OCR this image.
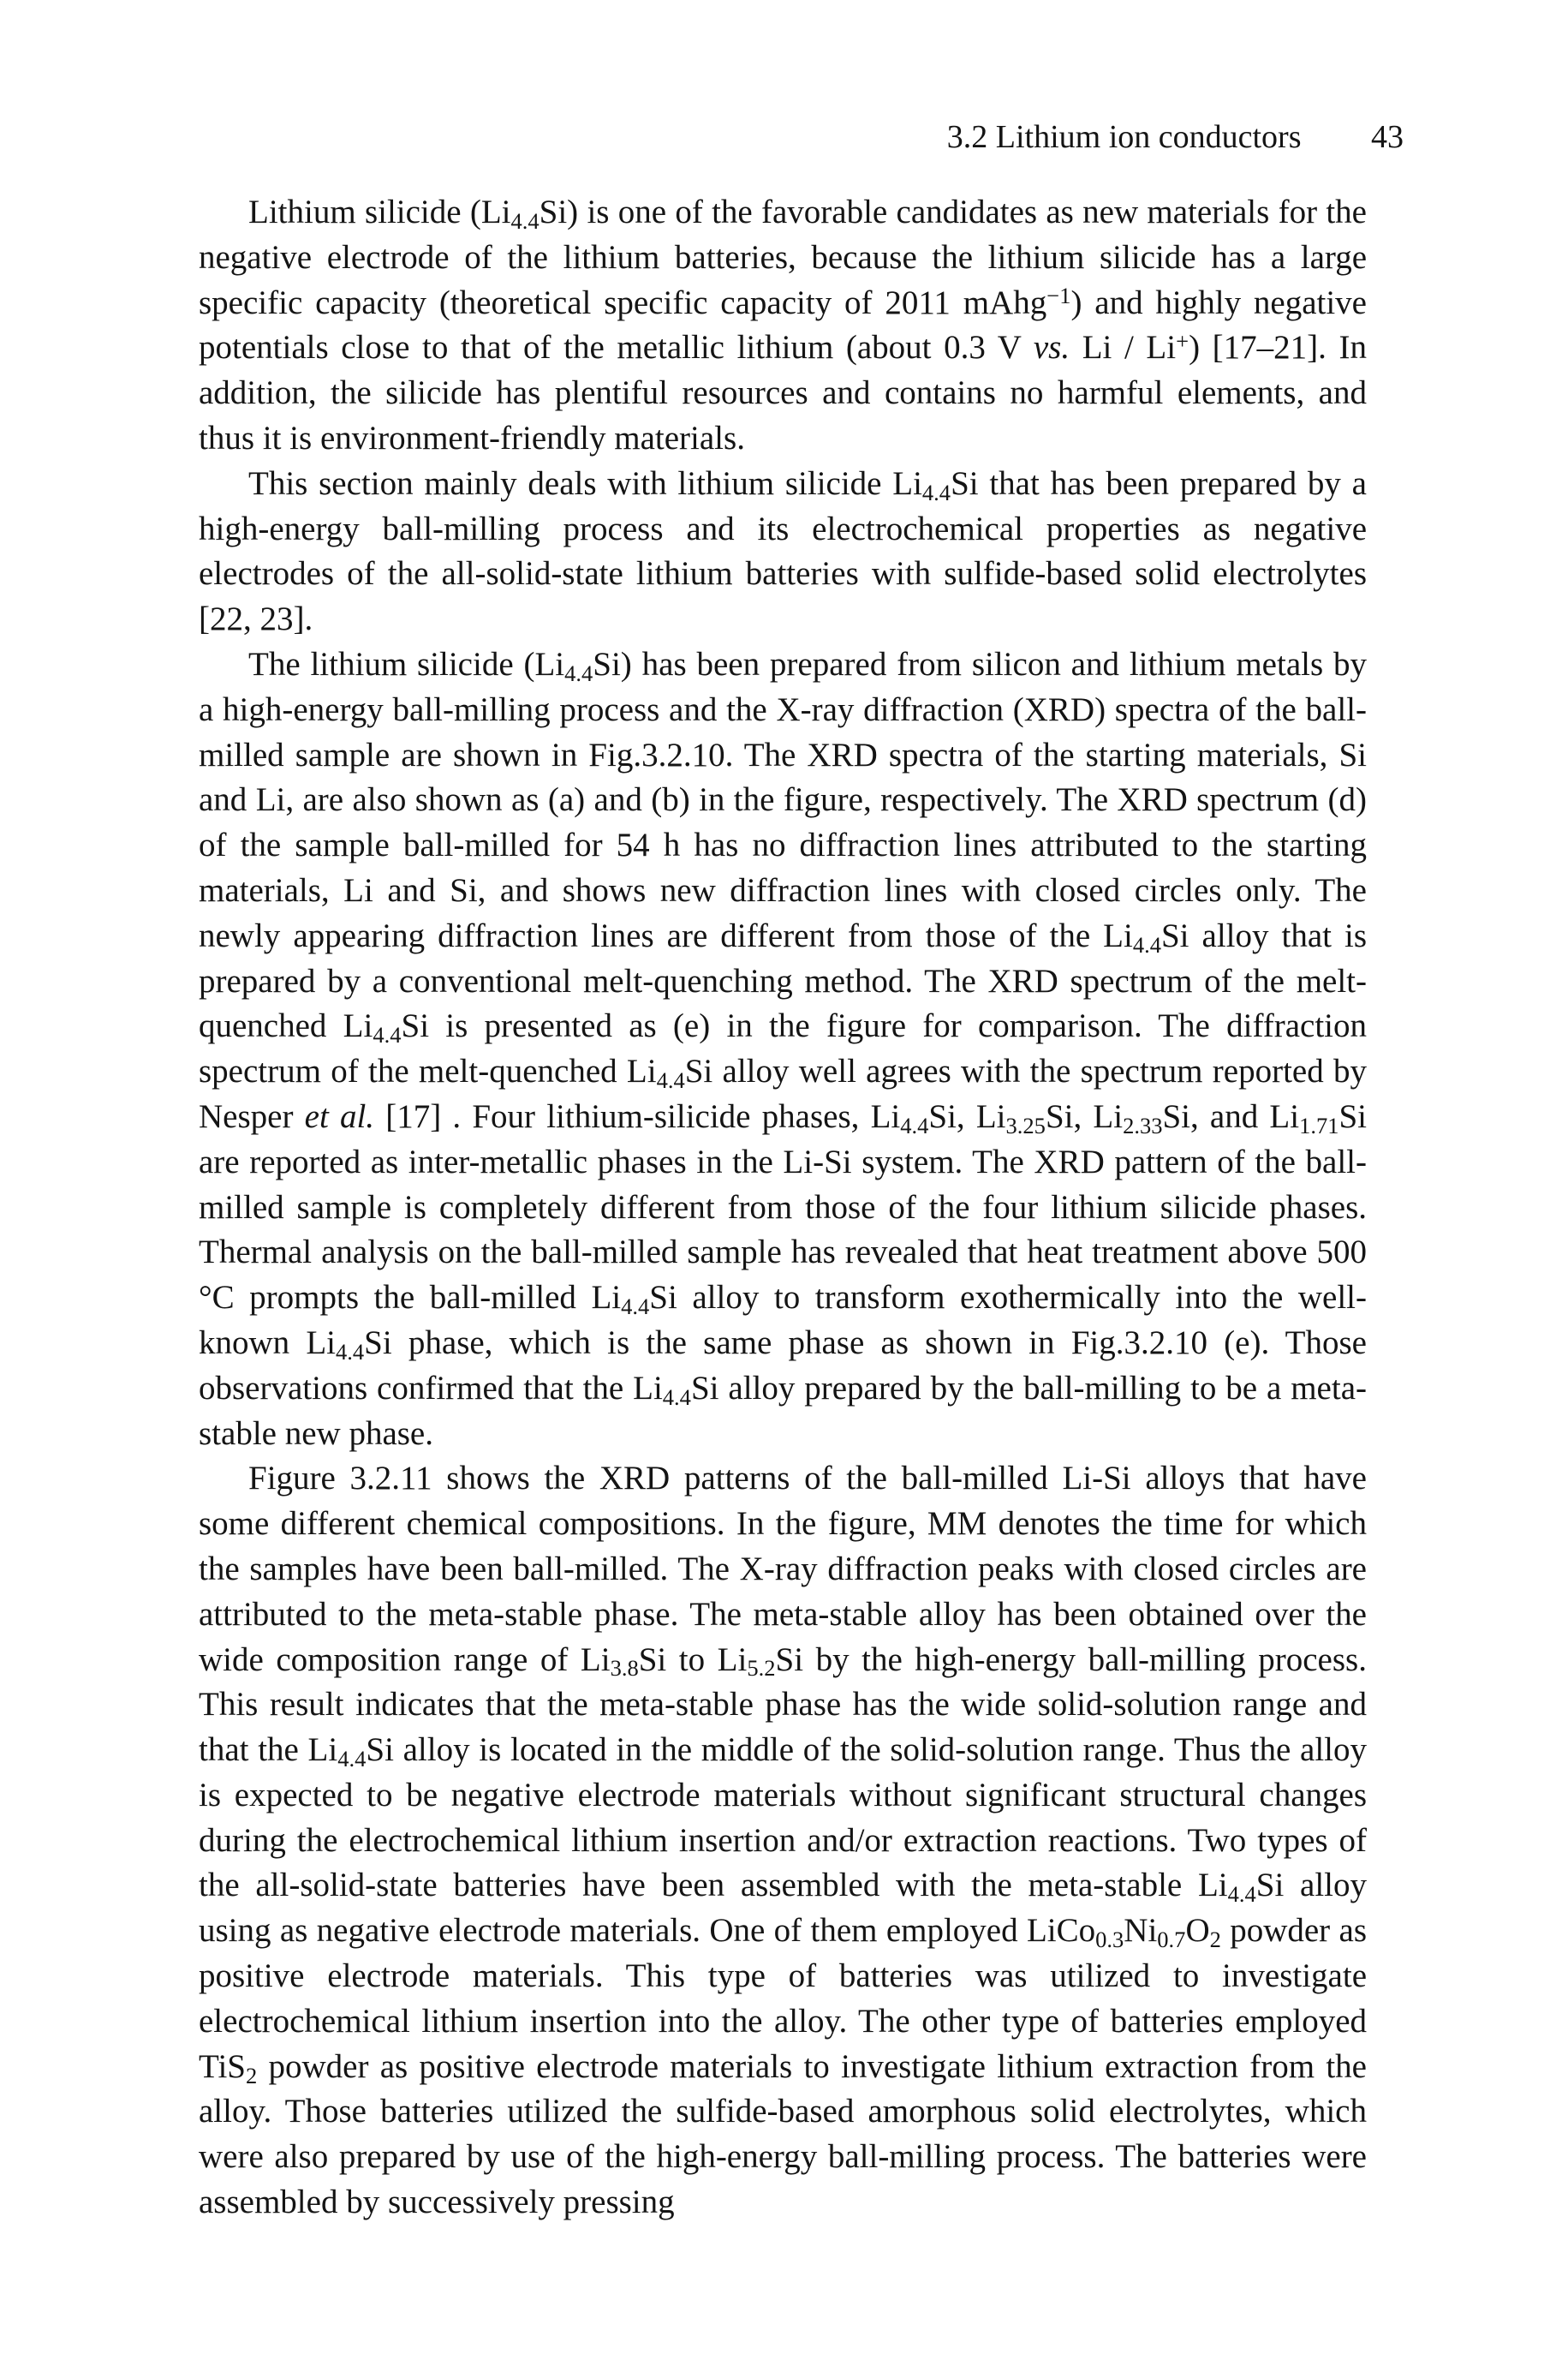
3.2 Lithium ion conductors 43

Lithium silicide $(Li_{4.4}Si)$ is one of the favorable candidates as new materials for the negative electrode of the lithium batteries, because the lithium silicide has a large specific capacity (theoretical specific capacity of 2011 mAhg$^{-1}$) and highly negative potentials close to that of the metallic lithium (about 0.3 V vs. Li / Li+) [17–21]. In addition, the silicide has plentiful resources and contains no harmful elements, and thus it is environment-friendly materials.

This section mainly deals with lithium silicide $Li_{4.4}Si$ that has been prepared by a high-energy ball-milling process and its electrochemical properties as negative electrodes of the all-solid-state lithium batteries with sulfide-based solid electrolytes [22, 23].

The lithium silicide $(Li_{4.4}Si)$ has been prepared from silicon and lithium metals by a high-energy ball-milling process and the X-ray diffraction (XRD) spectra of the ball-milled sample are shown in Fig.3.2.10. The XRD spectra of the starting materials, Si and Li, are also shown as (a) and (b) in the figure, respectively. The XRD spectrum (d) of the sample ball-milled for 54 h has no diffraction lines attributed to the starting materials, Li and Si, and shows new diffraction lines with closed circles only. The newly appearing diffraction lines are different from those of the $Li_{4.4}Si$ alloy that is prepared by a conventional melt-quenching method. The XRD spectrum of the melt-quenched $Li_{4.4}Si$ is presented as (e) in the figure for comparison. The diffraction spectrum of the melt-quenched $Li_{4.4}Si$ alloy well agrees with the spectrum reported by Nesper et al. [17] . Four lithium-silicide phases, $Li_{4.4}Si$, $Li_{3.25}Si$, $Li_{2.33}Si$, and $Li_{1.71}Si$ are reported as inter-metallic phases in the Li-Si system. The XRD pattern of the ball-milled sample is completely different from those of the four lithium silicide phases. Thermal analysis on the ball-milled sample has revealed that heat treatment above 500 °C prompts the ball-milled $Li_{4.4}Si$ alloy to transform exothermically into the well-known $Li_{4.4}Si$ phase, which is the same phase as shown in Fig.3.2.10 (e). Those observations confirmed that the $Li_{4.4}Si$ alloy prepared by the ball-milling to be a meta-stable new phase.

Figure 3.2.11 shows the XRD patterns of the ball-milled Li-Si alloys that have some different chemical compositions. In the figure, MM denotes the time for which the samples have been ball-milled. The X-ray diffraction peaks with closed circles are attributed to the meta-stable phase. The meta-stable alloy has been obtained over the wide composition range of $Li_{3.8}Si$ to $Li_{5.2}Si$ by the high-energy ball-milling process. This result indicates that the meta-stable phase has the wide solid-solution range and that the $Li_{4.4}Si$ alloy is located in the middle of the solid-solution range. Thus the alloy is expected to be negative electrode materials without significant structural changes during the electrochemical lithium insertion and/or extraction reactions. Two types of the all-solid-state batteries have been assembled with the meta-stable $Li_{4.4}Si$ alloy using as negative electrode materials. One of them employed $LiCo_{0.3}Ni_{0.7}O_2$ powder as positive electrode materials. This type of batteries was utilized to investigate electrochemical lithium insertion into the alloy. The other type of batteries employed TiS$_2$ powder as positive electrode materials to investigate lithium extraction from the alloy. Those batteries utilized the sulfide-based amorphous solid electrolytes, which were also prepared by use of the high-energy ball-milling process. The batteries were assembled by successively pressing
